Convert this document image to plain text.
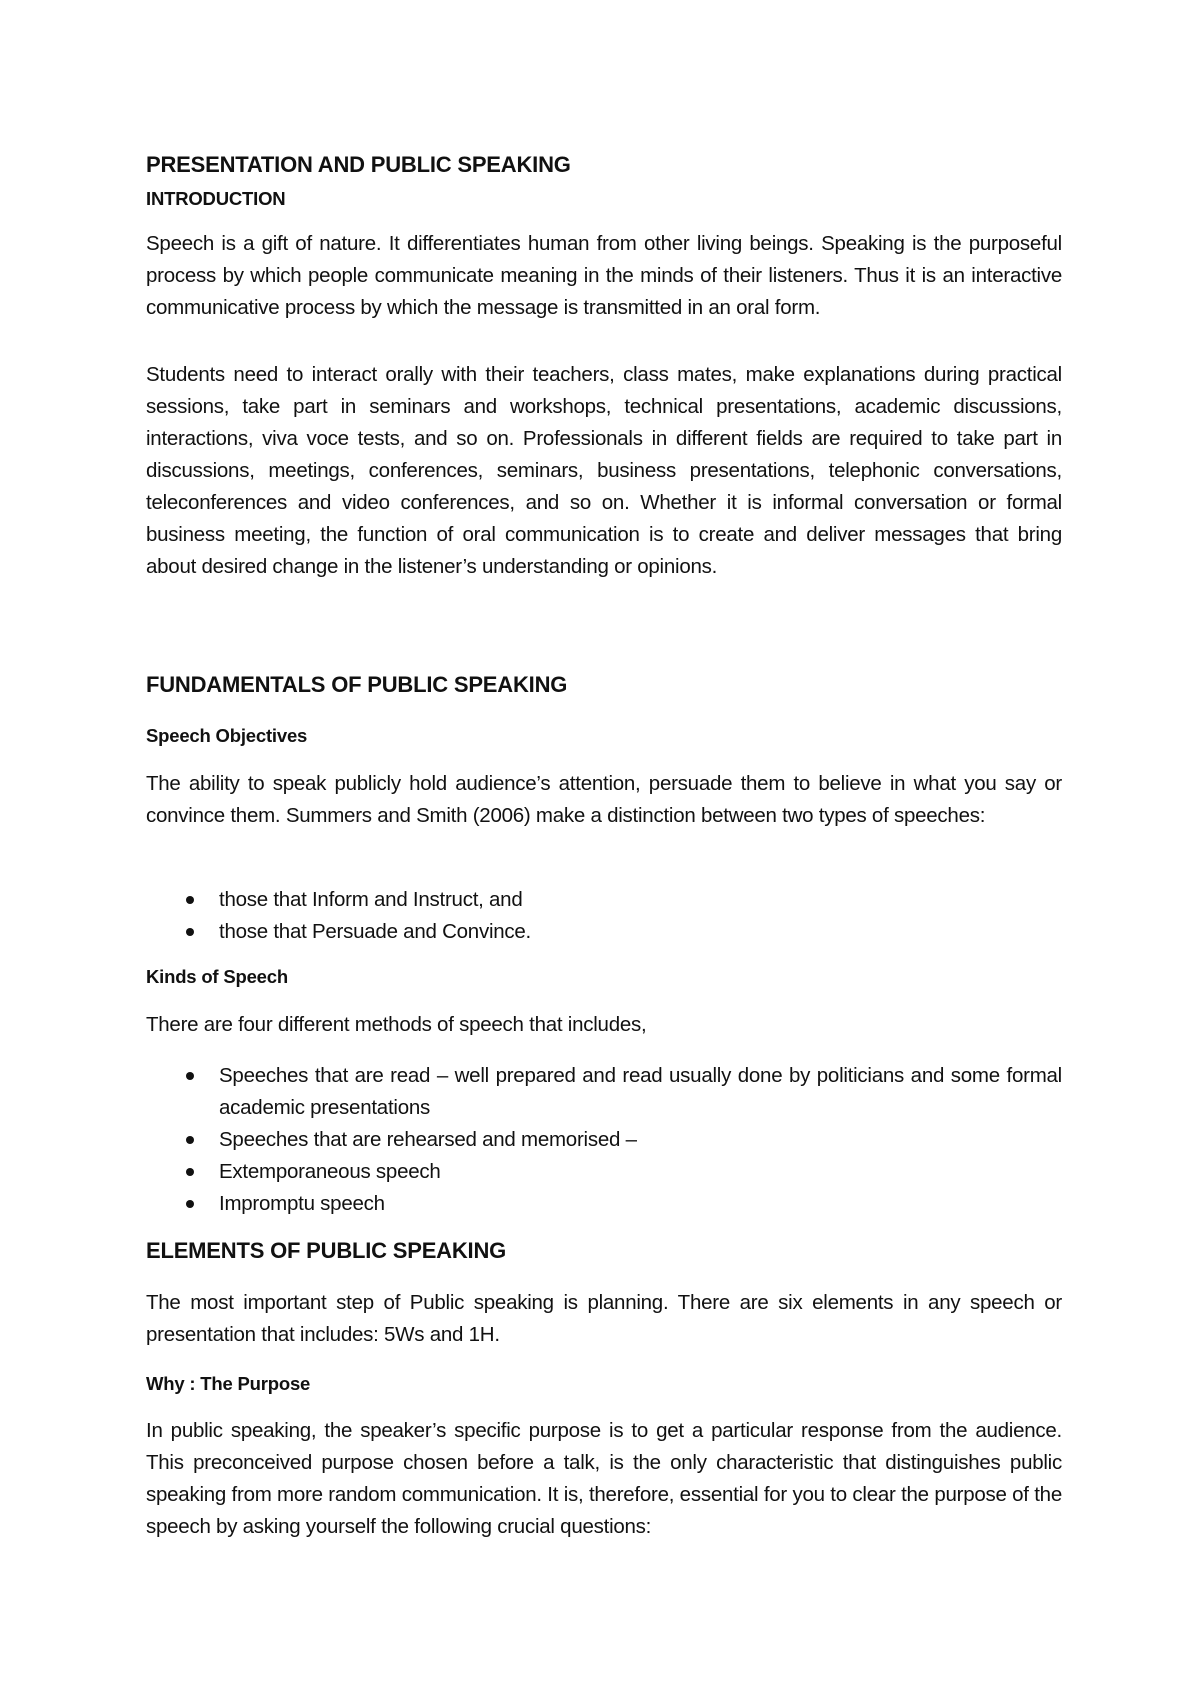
PRESENTATION AND PUBLIC SPEAKING
INTRODUCTION
Speech is a gift of nature. It differentiates human from other living beings. Speaking is the purposeful process by which people communicate meaning in the minds of their listeners. Thus it is an interactive communicative process by which the message is transmitted in an oral form.
Students need to interact orally with their teachers, class mates, make explanations during practical sessions, take part in seminars and workshops, technical presentations, academic discussions, interactions, viva voce tests, and so on. Professionals in different fields are required to take part in discussions, meetings, conferences, seminars, business presentations, telephonic conversations, teleconferences and video conferences, and so on. Whether it is informal conversation or formal business meeting, the function of oral communication is to create and deliver messages that bring about desired change in the listener’s understanding or opinions.
FUNDAMENTALS OF PUBLIC SPEAKING
Speech Objectives
The ability to speak publicly hold audience’s attention, persuade them to believe in what you say or convince them. Summers and Smith (2006) make a distinction between two types of speeches:
those that Inform and Instruct, and
those that Persuade and Convince.
Kinds of Speech
There are four different methods of speech that includes,
Speeches that are read – well prepared and read usually done by politicians and some formal academic presentations
Speeches that are rehearsed and memorised –
Extemporaneous speech
Impromptu speech
ELEMENTS OF PUBLIC SPEAKING
The most important step of Public speaking is planning. There are six elements in any speech or presentation that includes: 5Ws and 1H.
Why : The Purpose
In public speaking, the speaker’s specific purpose is to get a particular response from the audience. This preconceived purpose chosen before a talk, is the only characteristic that distinguishes public speaking from more random communication. It is, therefore, essential for you to clear the purpose of the speech by asking yourself the following crucial questions:
